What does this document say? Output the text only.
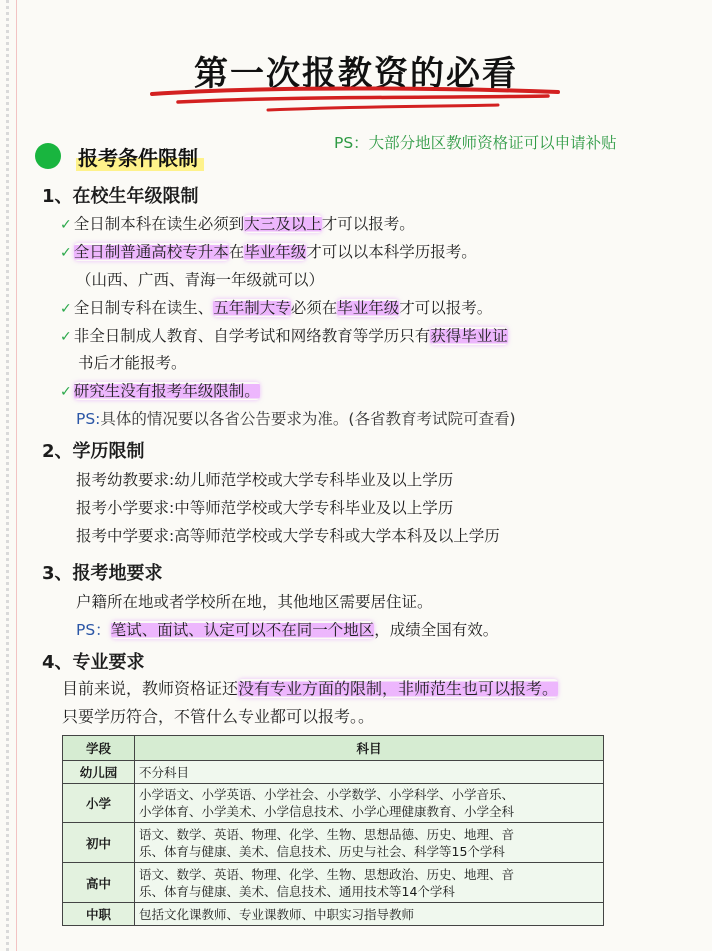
第一次报教资的必看
PS：大部分地区教师资格证可以申请补贴
报考条件限制
1、在校生年级限制
✓ 全日制本科在读生必须到大三及以上才可以报考。
✓ 全日制普通高校专升本在毕业年级才可以以本科学历报考。
（山西、广西、青海一年级就可以）
✓ 全日制专科在读生、五年制大专必须在毕业年级才可以报考。
✓ 非全日制成人教育、自学考试和网络教育等学历只有获得毕业证
书后才能报考。
✓ 研究生没有报考年级限制。
PS:具体的情况要以各省公告要求为准。(各省教育考试院可查看)
2、学历限制
报考幼教要求:幼儿师范学校或大学专科毕业及以上学历
报考小学要求:中等师范学校或大学专科毕业及以上学历
报考中学要求:高等师范学校或大学专科或大学本科及以上学历
3、报考地要求
户籍所在地或者学校所在地，其他地区需要居住证。
PS：笔试、面试、认定可以不在同一个地区，成绩全国有效。
4、专业要求
目前来说，教师资格证还没有专业方面的限制，非师范生也可以报考。
只要学历符合，不管什么专业都可以报考。。
学段	科目
幼儿园	不分科目
小学	小学语文、小学英语、小学社会、小学数学、小学科学、小学音乐、
小学体育、小学美术、小学信息技术、小学心理健康教育、小学全科

初中	语文、数学、英语、物理、化学、生物、思想品德、历史、地理、音
乐、体育与健康、美术、信息技术、历史与社会、科学等15个学科

高中	语文、数学、英语、物理、化学、生物、思想政治、历史、地理、音
乐、体育与健康、美术、信息技术、通用技术等14个学科

中职	包括文化课教师、专业课教师、中职实习指导教师
